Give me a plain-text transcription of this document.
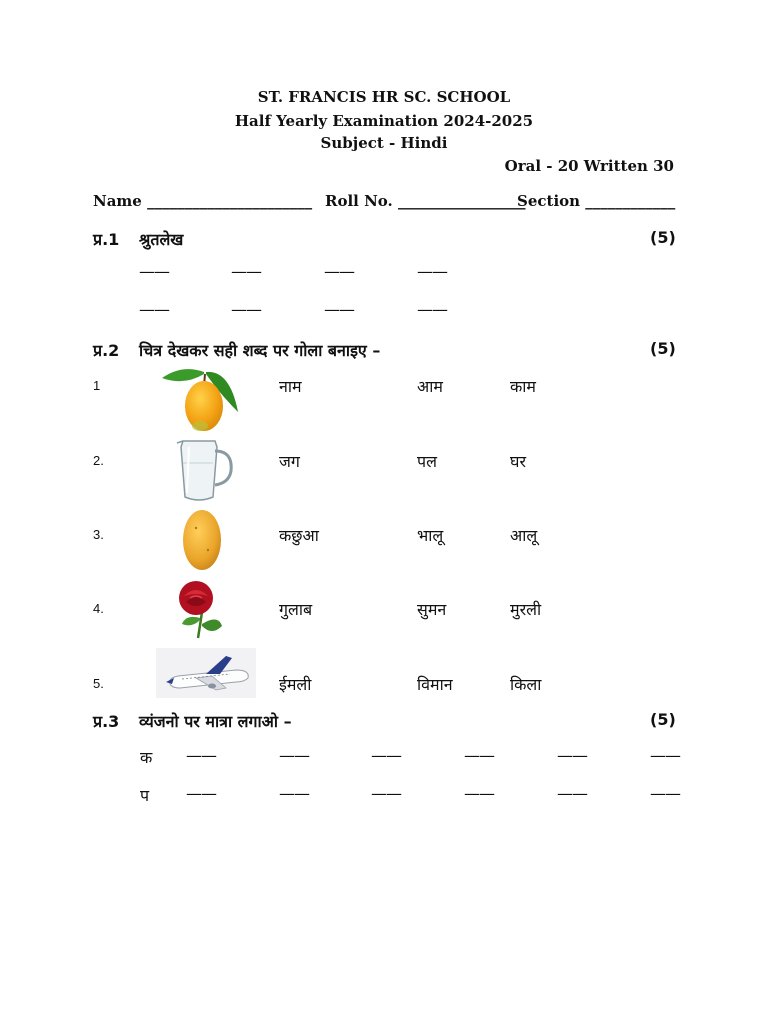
ST. FRANCIS HR SC. SCHOOL
Half Yearly Examination 2024-2025
Subject - Hindi
Oral - 20 Written 30
Name ______________________ Roll No. _________________
Section ____________
प्र.1 श्रुतलेख	(5)
——	——	——	——
——	——	——	——
प्र.2 चित्र देखकर सही शब्द पर गोला बनाइए –	(5)
1	नाम	आम	काम
2.	जग	पल	घर
3.	कछुआ	भालू	आलू
4.	गुलाब	सुमन	मुरली
5.	ईमली	विमान	किला
प्र.3 व्यंजनो पर मात्रा लगाओ –	(5)
क ——	——	——	——	——	——
प ——	——	——	——	——	——
